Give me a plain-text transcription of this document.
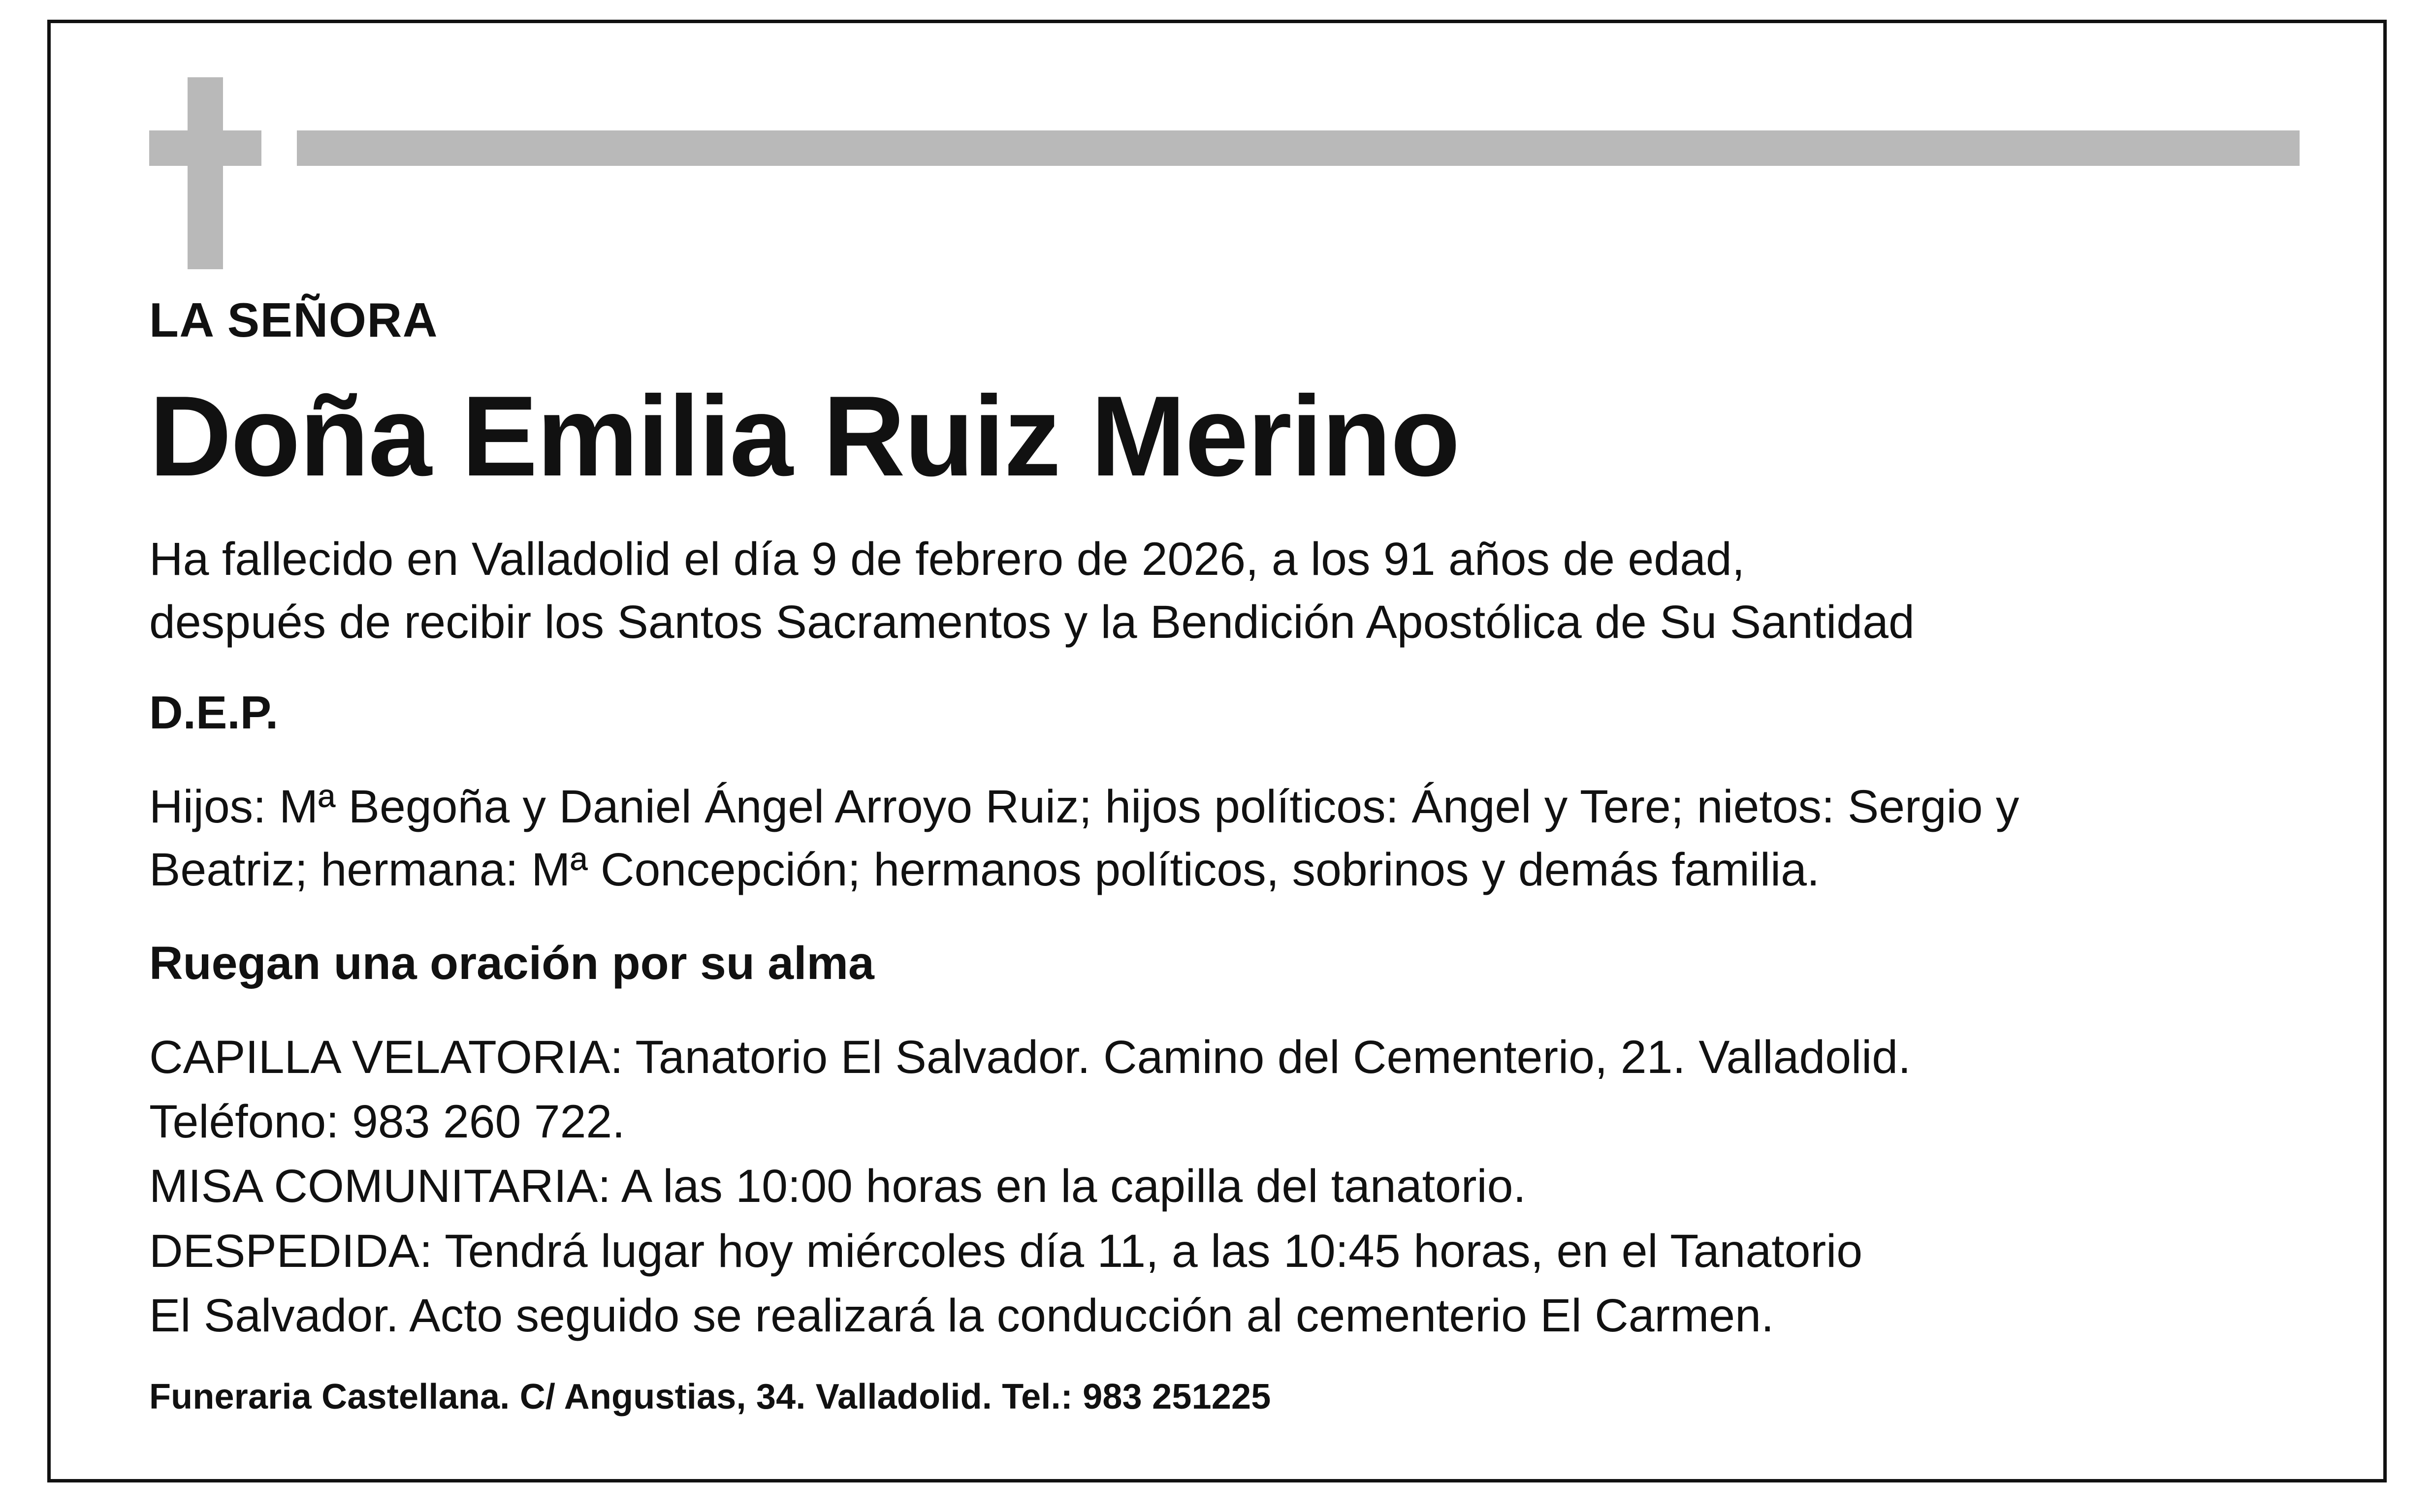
LA SEÑORA
Doña Emilia Ruiz Merino
Ha fallecido en Valladolid el día 9 de febrero de 2026, a los 91 años de edad,
después de recibir los Santos Sacramentos y la Bendición Apostólica de Su Santidad
D.E.P.
Hijos: Mª Begoña y Daniel Ángel Arroyo Ruiz; hijos políticos: Ángel y Tere; nietos: Sergio y
Beatriz; hermana: Mª Concepción; hermanos políticos, sobrinos y demás familia.
Ruegan una oración por su alma
CAPILLA VELATORIA: Tanatorio El Salvador. Camino del Cementerio, 21. Valladolid.
Teléfono: 983 260 722.
MISA COMUNITARIA: A las 10:00 horas en la capilla del tanatorio.
DESPEDIDA: Tendrá lugar hoy miércoles día 11, a las 10:45 horas, en el Tanatorio
El Salvador. Acto seguido se realizará la conducción al cementerio El Carmen.
Funeraria Castellana. C/ Angustias, 34. Valladolid. Tel.: 983 251225
